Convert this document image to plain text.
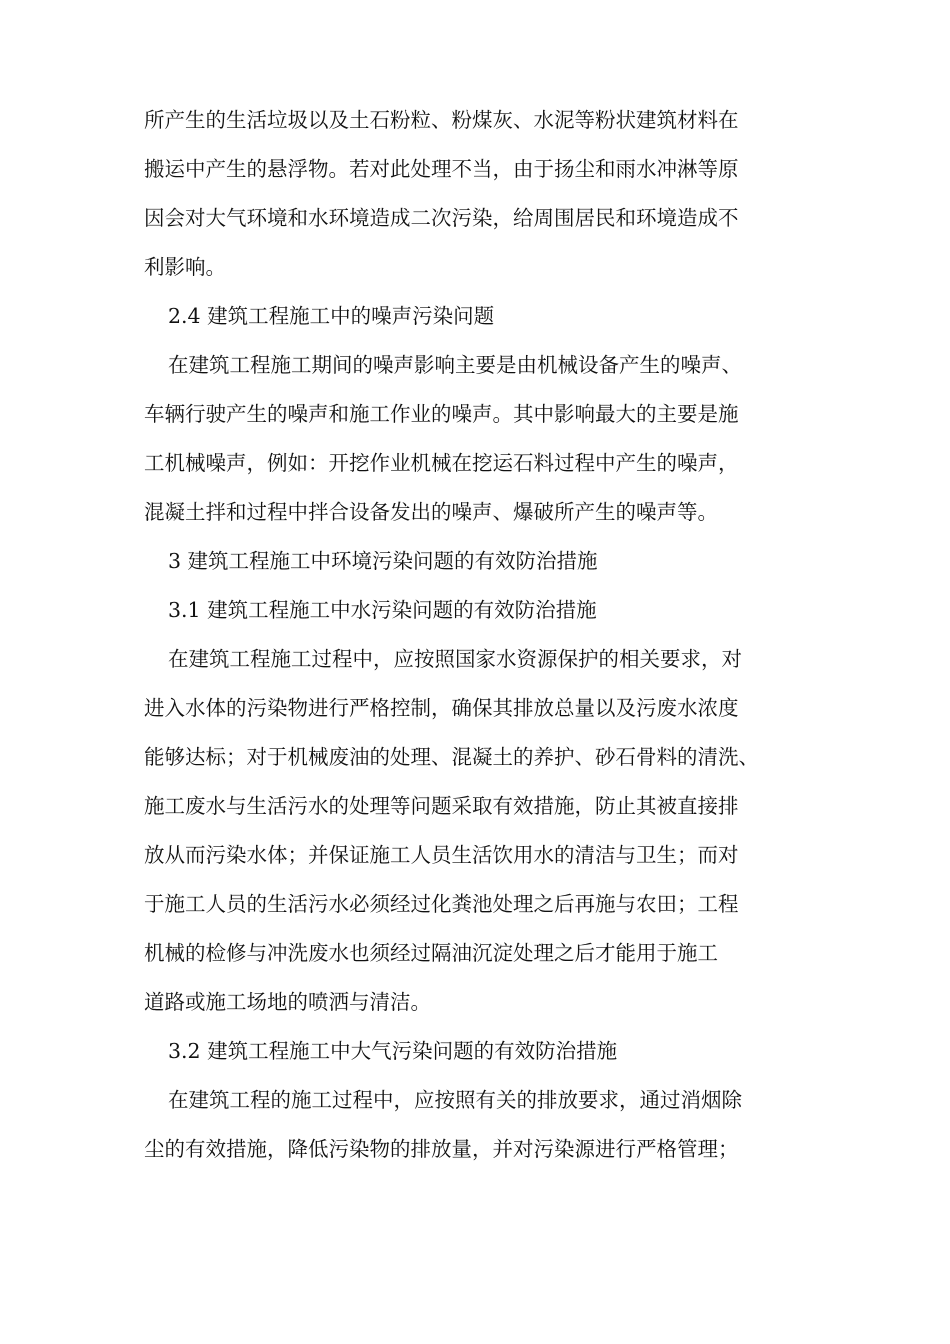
所产生的生活垃圾以及土石粉粒、粉煤灰、水泥等粉状建筑材料在
搬运中产生的悬浮物。若对此处理不当，由于扬尘和雨水冲淋等原
因会对大气环境和水环境造成二次污染，给周围居民和环境造成不
利影响。
2.4 建筑工程施工中的噪声污染问题
在建筑工程施工期间的噪声影响主要是由机械设备产生的噪声、
车辆行驶产生的噪声和施工作业的噪声。其中影响最大的主要是施
工机械噪声，例如：开挖作业机械在挖运石料过程中产生的噪声，
混凝土拌和过程中拌合设备发出的噪声、爆破所产生的噪声等。
3 建筑工程施工中环境污染问题的有效防治措施
3.1 建筑工程施工中水污染问题的有效防治措施
在建筑工程施工过程中，应按照国家水资源保护的相关要求，对
进入水体的污染物进行严格控制，确保其排放总量以及污废水浓度
能够达标；对于机械废油的处理、混凝土的养护、砂石骨料的清洗、
施工废水与生活污水的处理等问题采取有效措施，防止其被直接排
放从而污染水体；并保证施工人员生活饮用水的清洁与卫生；而对
于施工人员的生活污水必须经过化粪池处理之后再施与农田；工程
机械的检修与冲洗废水也须经过隔油沉淀处理之后才能用于施工
道路或施工场地的喷洒与清洁。
3.2 建筑工程施工中大气污染问题的有效防治措施
在建筑工程的施工过程中，应按照有关的排放要求，通过消烟除
尘的有效措施，降低污染物的排放量，并对污染源进行严格管理；
